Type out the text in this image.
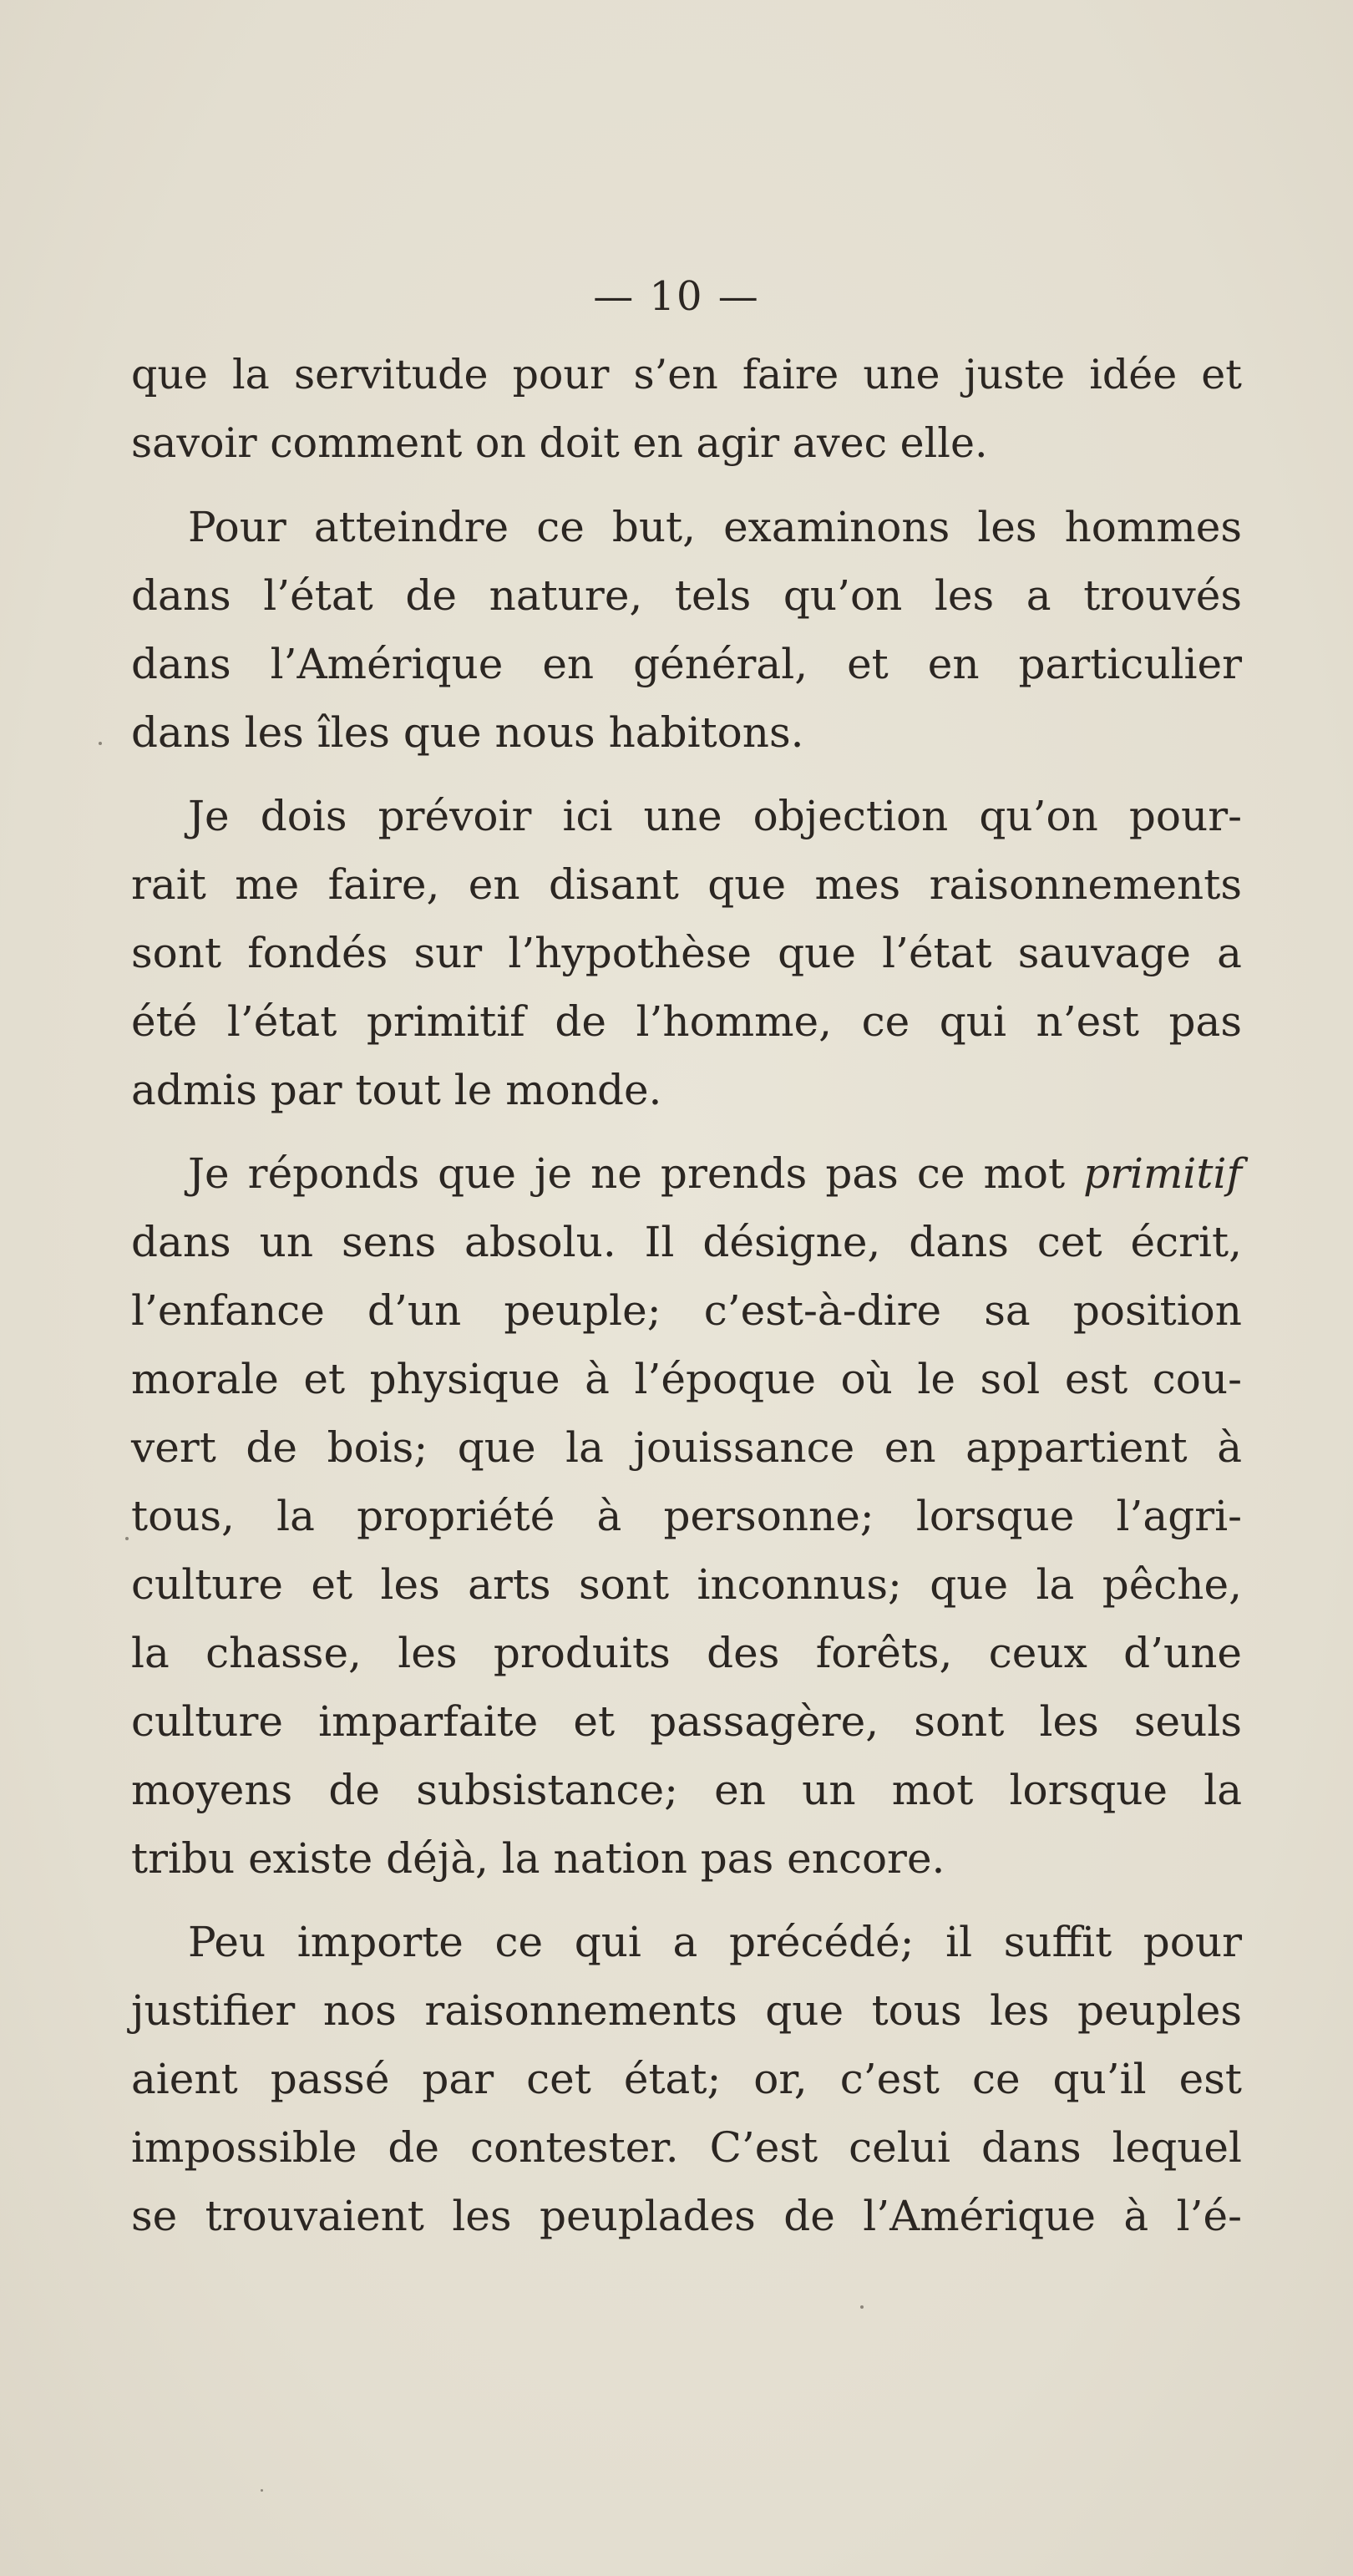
— 10 —
que la servitude pour s’en faire une juste idée et
savoir comment on doit en agir avec elle.
Pour atteindre ce but, examinons les hommes
dans l’état de nature, tels qu’on les a trouvés
dans l’Amérique en général, et en particulier
dans les îles que nous habitons.
Je dois prévoir ici une objection qu’on pour-
rait me faire, en disant que mes raisonnements
sont fondés sur l’hypothèse que l’état sauvage a
été l’état primitif de l’homme, ce qui n’est pas
admis par tout le monde.
Je réponds que je ne prends pas ce mot primitif
dans un sens absolu. Il désigne, dans cet écrit,
l’enfance d’un peuple; c’est-à-dire sa position
morale et physique à l’époque où le sol est cou-
vert de bois; que la jouissance en appartient à
tous, la propriété à personne; lorsque l’agri-
culture et les arts sont inconnus; que la pêche,
la chasse, les produits des forêts, ceux d’une
culture imparfaite et passagère, sont les seuls
moyens de subsistance; en un mot lorsque la
tribu existe déjà, la nation pas encore.
Peu importe ce qui a précédé; il suffit pour
justifier nos raisonnements que tous les peuples
aient passé par cet état; or, c’est ce qu’il est
impossible de contester. C’est celui dans lequel
se trouvaient les peuplades de l’Amérique à l’é-
